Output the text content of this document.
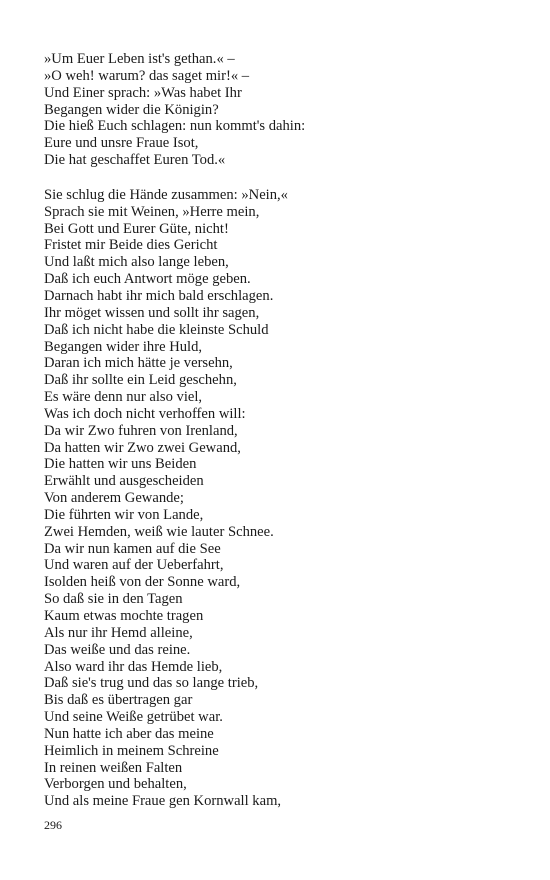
»Um Euer Leben ist's gethan.« –
»O weh! warum? das saget mir!« –
Und Einer sprach: »Was habet Ihr
Begangen wider die Königin?
Die hieß Euch schlagen: nun kommt's dahin:
Eure und unsre Fraue Isot,
Die hat geschaffet Euren Tod.«
Sie schlug die Hände zusammen: »Nein,«
Sprach sie mit Weinen, »Herre mein,
Bei Gott und Eurer Güte, nicht!
Fristet mir Beide dies Gericht
Und laßt mich also lange leben,
Daß ich euch Antwort möge geben.
Darnach habt ihr mich bald erschlagen.
Ihr möget wissen und sollt ihr sagen,
Daß ich nicht habe die kleinste Schuld
Begangen wider ihre Huld,
Daran ich mich hätte je versehn,
Daß ihr sollte ein Leid geschehn,
Es wäre denn nur also viel,
Was ich doch nicht verhoffen will:
Da wir Zwo fuhren von Irenland,
Da hatten wir Zwo zwei Gewand,
Die hatten wir uns Beiden
Erwählt und ausgescheiden
Von anderem Gewande;
Die führten wir von Lande,
Zwei Hemden, weiß wie lauter Schnee.
Da wir nun kamen auf die See
Und waren auf der Ueberfahrt,
Isolden heiß von der Sonne ward,
So daß sie in den Tagen
Kaum etwas mochte tragen
Als nur ihr Hemd alleine,
Das weiße und das reine.
Also ward ihr das Hemde lieb,
Daß sie's trug und das so lange trieb,
Bis daß es übertragen gar
Und seine Weiße getrübet war.
Nun hatte ich aber das meine
Heimlich in meinem Schreine
In reinen weißen Falten
Verborgen und behalten,
Und als meine Fraue gen Kornwall kam,
296
